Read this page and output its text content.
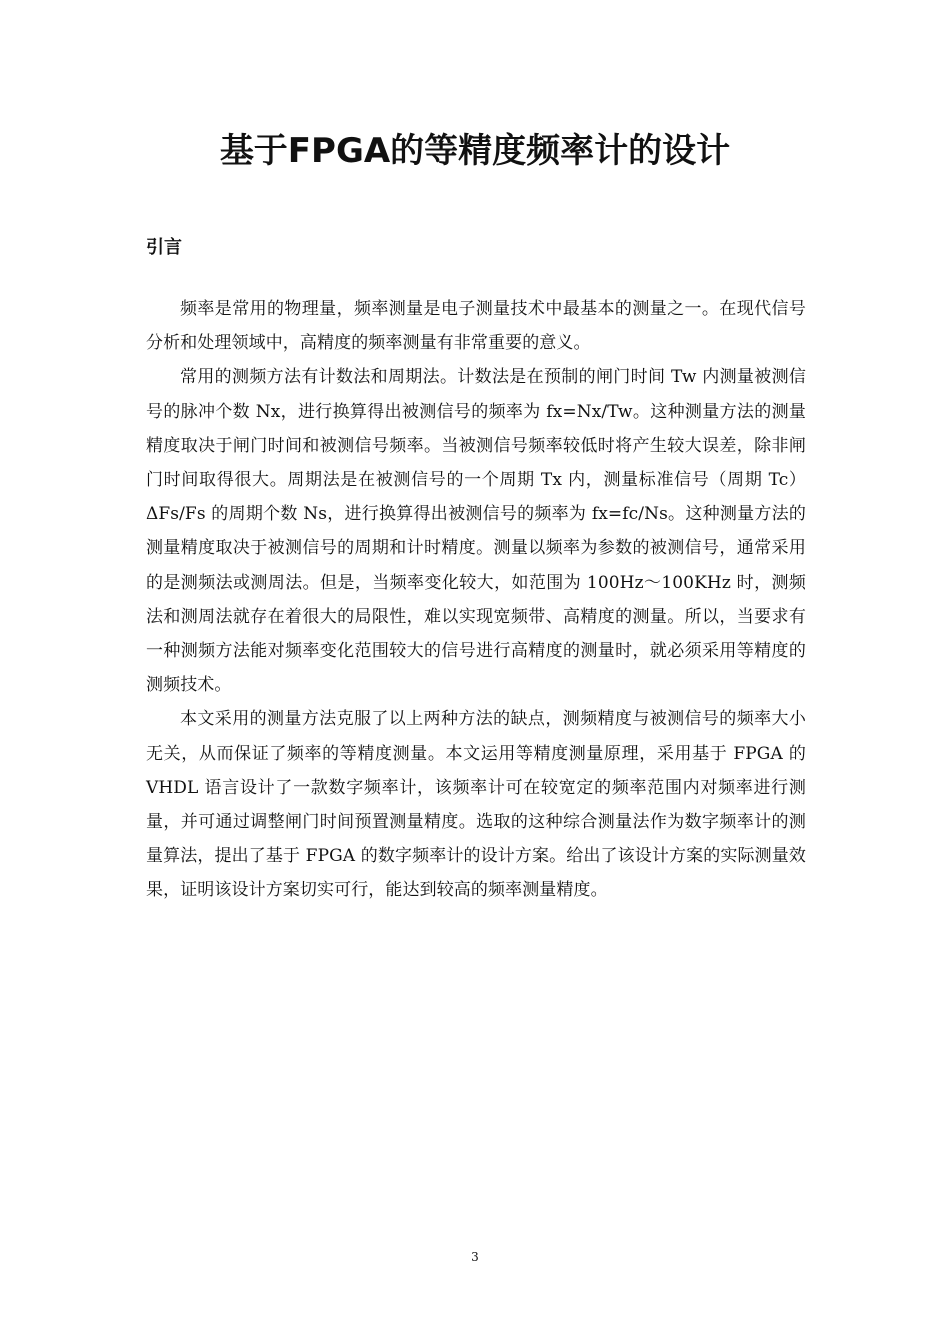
基于FPGA的等精度频率计的设计
引言

频率是常用的物理量，频率测量是电子测量技术中最基本的测量之一。在现代信号分析和处理领域中，高精度的频率测量有非常重要的意义。

常用的测频方法有计数法和周期法。计数法是在预制的闸门时间 Tw 内测量被测信号的脉冲个数 Nx，进行换算得出被测信号的频率为 fx=Nx/Tw。这种测量方法的测量精度取决于闸门时间和被测信号频率。当被测信号频率较低时将产生较大误差，除非闸门时间取得很大。周期法是在被测信号的一个周期 Tx 内，测量标准信号（周期 Tc）ΔFs/Fs 的周期个数 Ns，进行换算得出被测信号的频率为 fx=fc/Ns。这种测量方法的测量精度取决于被测信号的周期和计时精度。测量以频率为参数的被测信号，通常采用的是测频法或测周法。但是，当频率变化较大，如范围为 100Hz～100KHz 时，测频法和测周法就存在着很大的局限性，难以实现宽频带、高精度的测量。所以，当要求有一种测频方法能对频率变化范围较大的信号进行高精度的测量时，就必须采用等精度的测频技术。

本文采用的测量方法克服了以上两种方法的缺点，测频精度与被测信号的频率大小无关，从而保证了频率的等精度测量。本文运用等精度测量原理，采用基于 FPGA 的 VHDL 语言设计了一款数字频率计，该频率计可在较宽定的频率范围内对频率进行测量，并可通过调整闸门时间预置测量精度。选取的这种综合测量法作为数字频率计的测量算法，提出了基于 FPGA 的数字频率计的设计方案。给出了该设计方案的实际测量效果，证明该设计方案切实可行，能达到较高的频率测量精度。

3
